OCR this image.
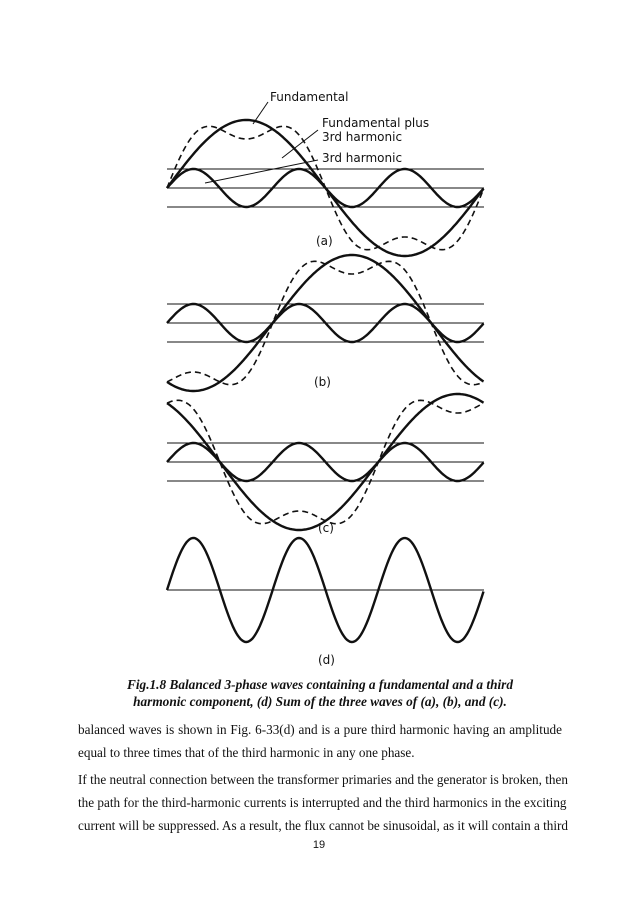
Fundamental
Fundamental plus
3rd harmonic
3rd harmonic
(a)
(b)
(c)
(d)
Fig.1.8 Balanced 3-phase waves containing a fundamental and a third
harmonic component, (d) Sum of the three waves of (a), (b), and (c).
balanced waves is shown in Fig. 6-33(d) and is a pure third harmonic having an amplitude
equal to three times that of the third harmonic in any one phase.
If the neutral connection between the transformer primaries and the generator is broken, then
the path for the third-harmonic currents is interrupted and the third harmonics in the exciting
current will be suppressed. As a result, the flux cannot be sinusoidal, as it will contain a third
19
